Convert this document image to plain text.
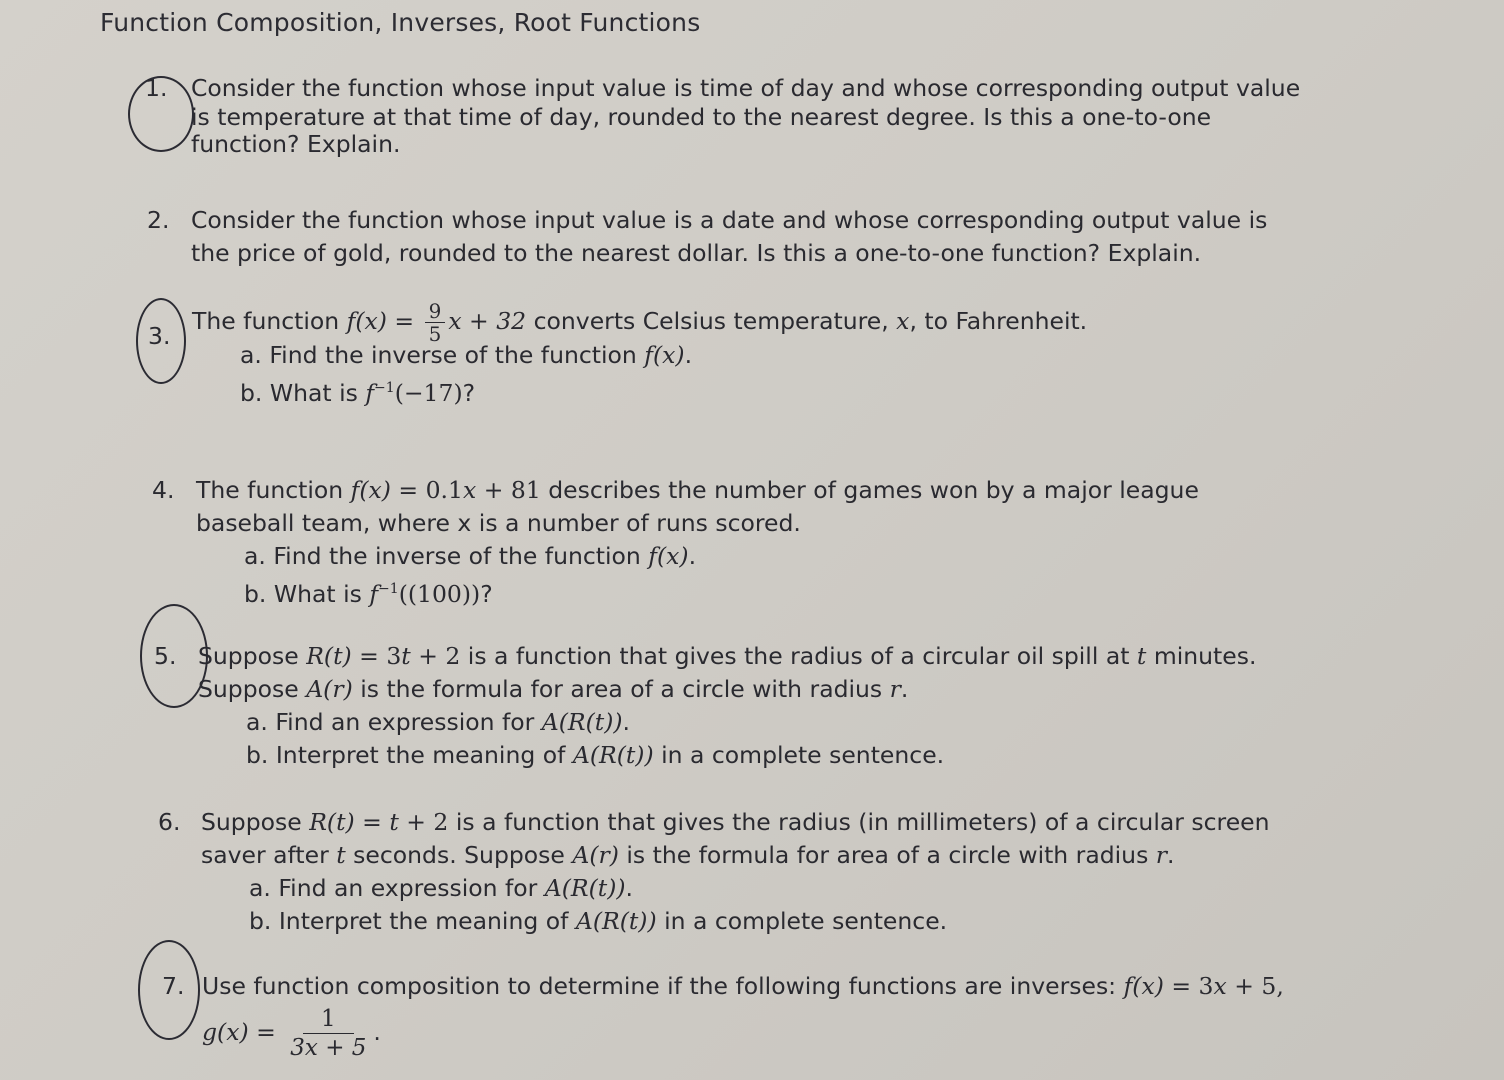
Function Composition, Inverses, Root Functions
1. Consider the function whose input value is time of day and whose corresponding output value
is temperature at that time of day, rounded to the nearest degree. Is this a one-to-one
function? Explain.
2. Consider the function whose input value is a date and whose corresponding output value is
the price of gold, rounded to the nearest dollar. Is this a one-to-one function? Explain.
3.
The function $f(x) = \frac{9}{5}$ x + 32 converts Celsius temperature, x, to Fahrenheit.
a. Find the inverse of the function f(x).
b. What is $f^{-1}(-17)$?
4. The function f(x) = 0.1x + 81 describes the number of games won by a major league
baseball team, where x is a number of runs scored.
a. Find the inverse of the function f(x).
b. What is $f^{-1}((100))$?
5. Suppose R(t) = 3t + 2 is a function that gives the radius of a circular oil spill at t minutes.
Suppose A(r) is the formula for area of a circle with radius r.
a. Find an expression for A(R(t)).
b. Interpret the meaning of A(R(t)) in a complete sentence.
6. Suppose R(t) = t + 2 is a function that gives the radius (in millimeters) of a circular screen
saver after t seconds. Suppose A(r) is the formula for area of a circle with radius r.
a. Find an expression for A(R(t)).
b. Interpret the meaning of A(R(t)) in a complete sentence.
7. Use function composition to determine if the following functions are inverses: f(x) = 3x + 5,
$g(x) = \frac{1}{3x + 5}$ .
